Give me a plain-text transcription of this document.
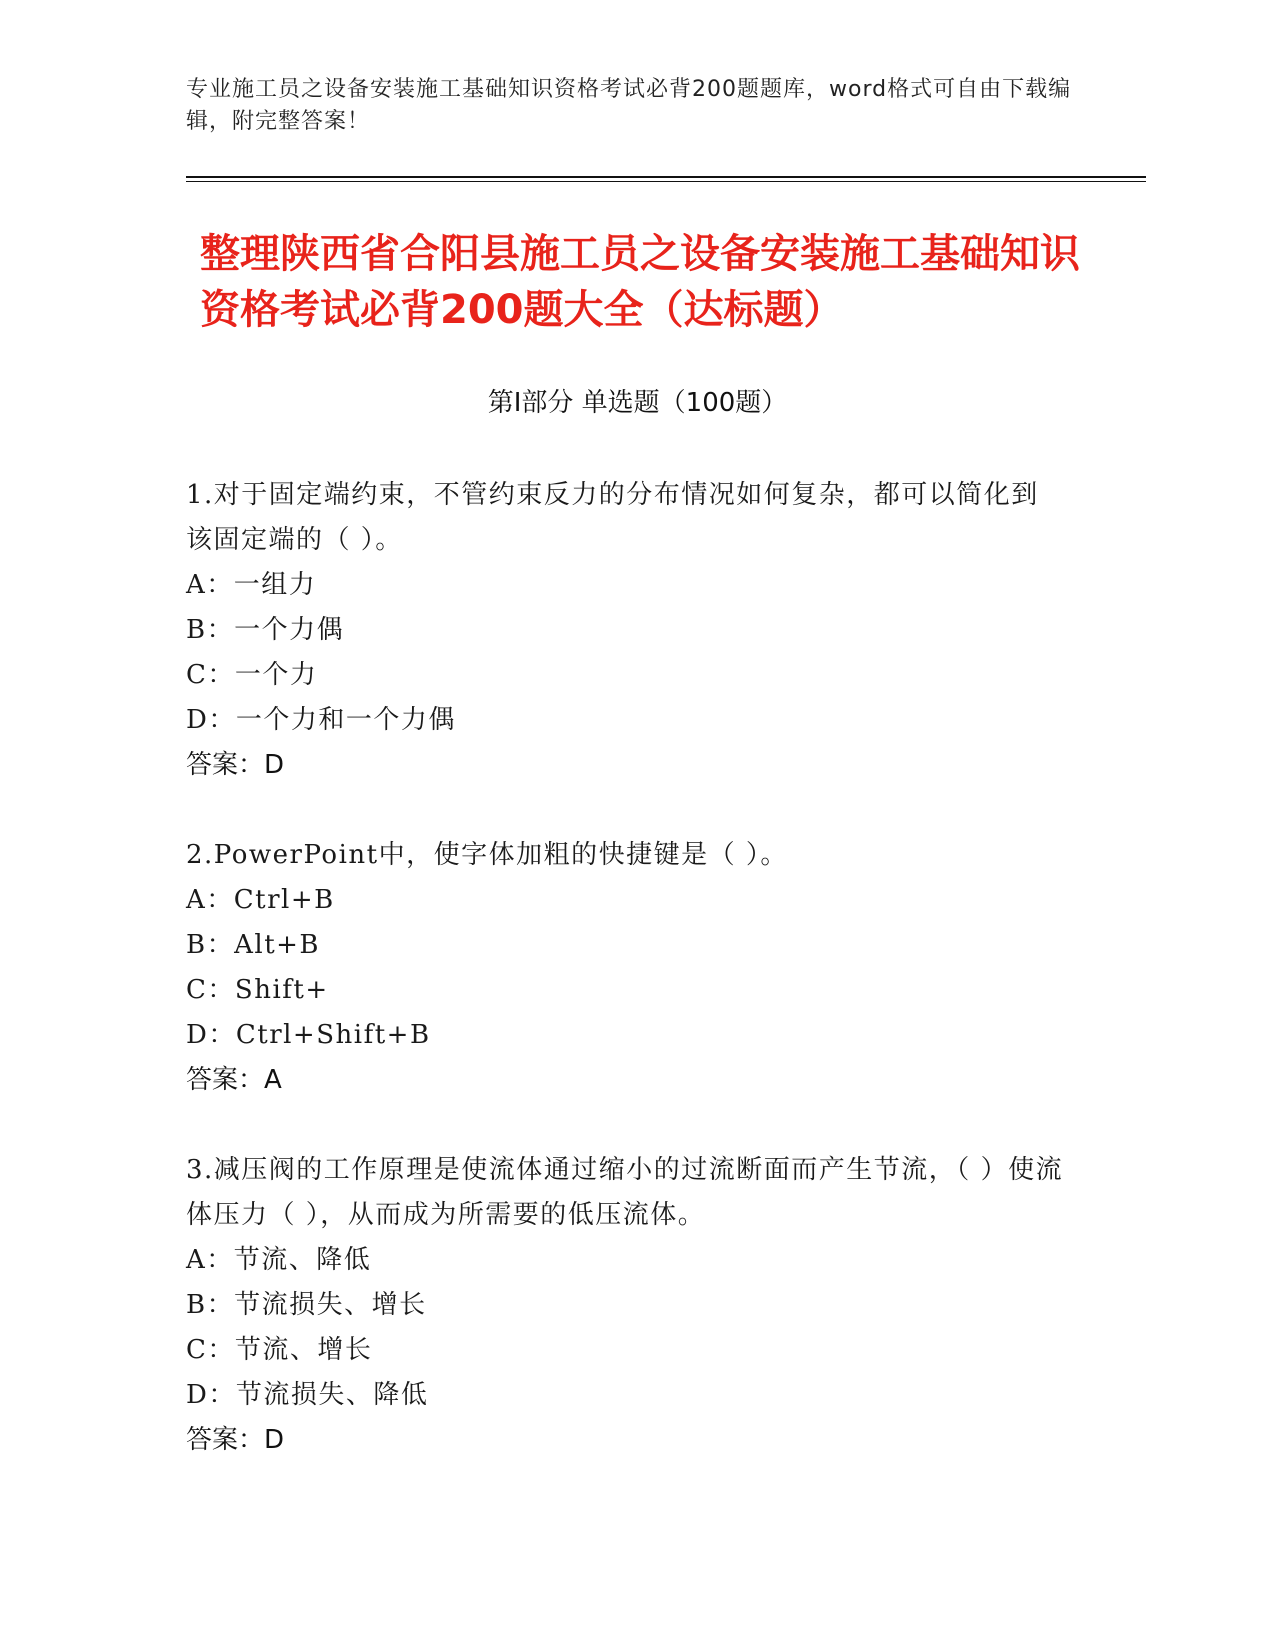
专业施工员之设备安装施工基础知识资格考试必背200题题库，word格式可自由下载编辑，附完整答案！
整理陕西省合阳县施工员之设备安装施工基础知识资格考试必背200题大全（达标题）
第I部分 单选题（100题）
1.对于固定端约束，不管约束反力的分布情况如何复杂，都可以简化到该固定端的（ ）。
A：一组力
B：一个力偶
C：一个力
D：一个力和一个力偶
答案：D
2.PowerPoint中，使字体加粗的快捷键是（ ）。
A：Ctrl+B
B：Alt+B
C：Shift+
D：Ctrl+Shift+B
答案：A
3.减压阀的工作原理是使流体通过缩小的过流断面而产生节流，（ ）使流体压力（ ），从而成为所需要的低压流体。
A：节流、降低
B：节流损失、增长
C：节流、增长
D：节流损失、降低
答案：D
